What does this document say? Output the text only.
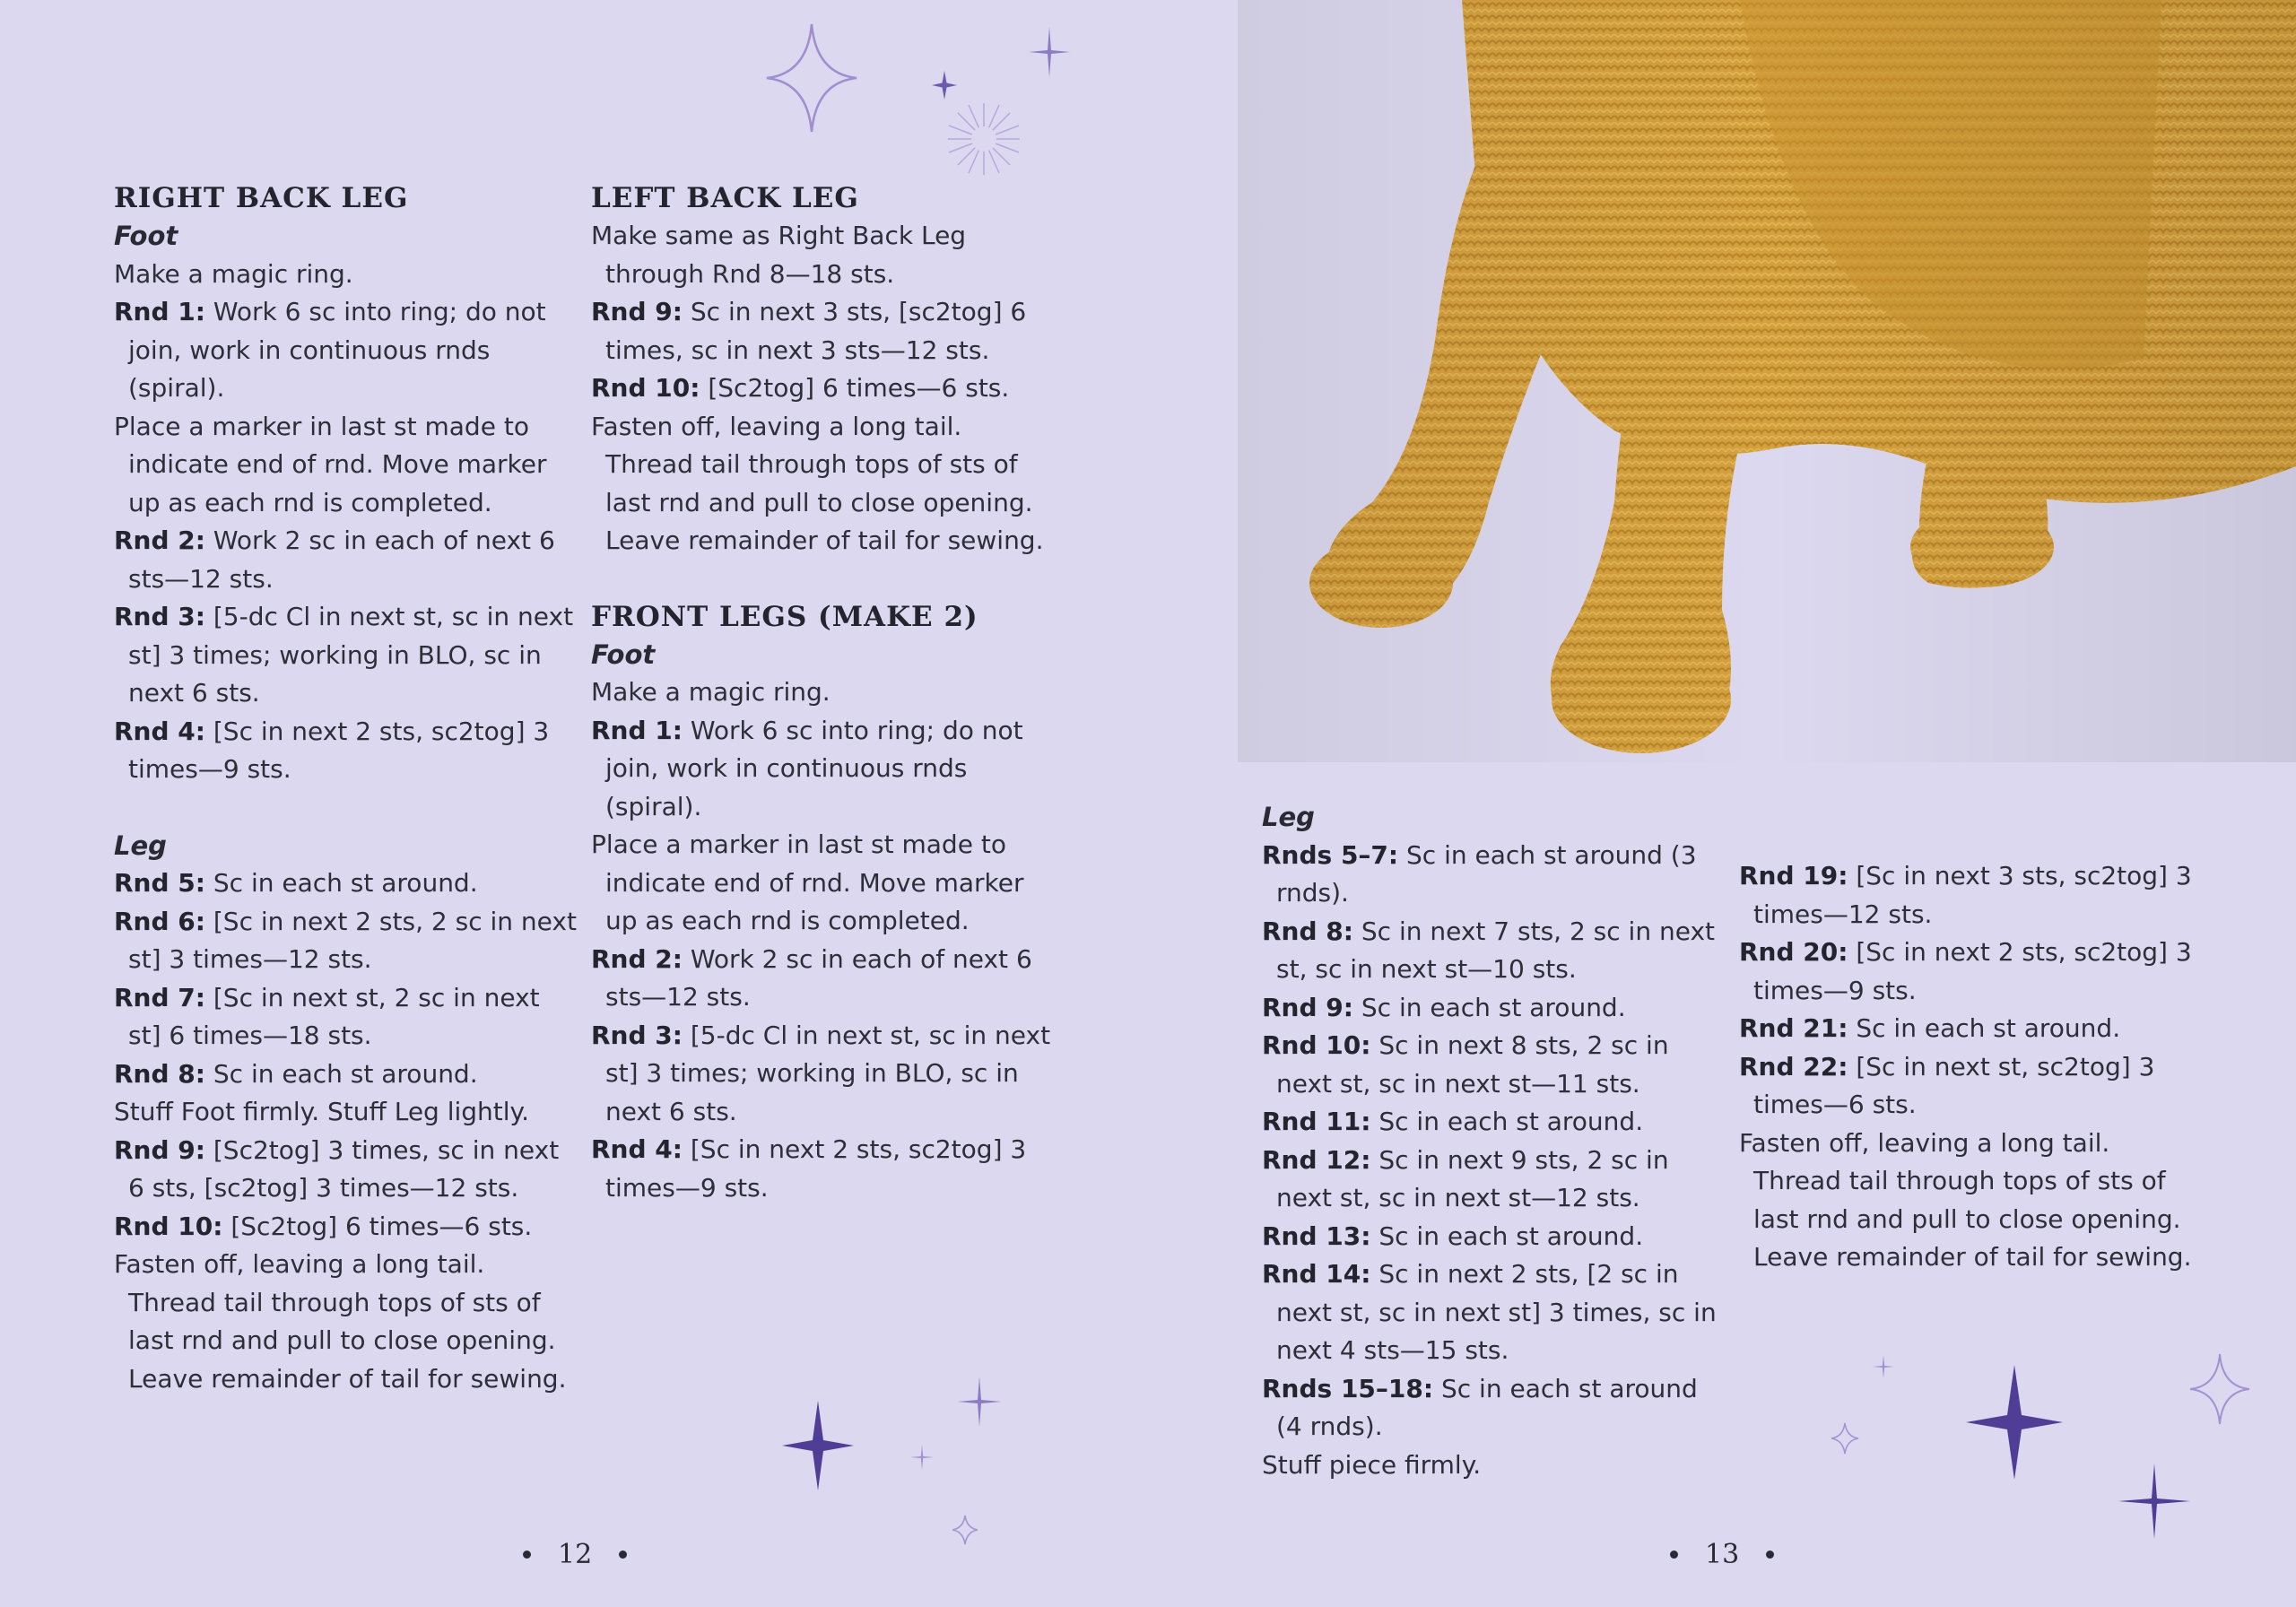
RIGHT BACK LEG

Foot

Make a magic ring.

Rnd 1: Work 6 sc into ring; do not join, work in continuous rnds (spiral).

Place a marker in last st made to indicate end of rnd. Move marker up as each rnd is completed.

Rnd 2: Work 2 sc in each of next 6 sts—12 sts.

Rnd 3: [5-dc Cl in next st, sc in next st] 3 times; working in BLO, sc in next 6 sts.

Rnd 4: [Sc in next 2 sts, sc2tog] 3 times—9 sts.

Leg

Rnd 5: Sc in each st around.

Rnd 6: [Sc in next 2 sts, 2 sc in next st] 3 times—12 sts.

Rnd 7: [Sc in next st, 2 sc in next st] 6 times—18 sts.

Rnd 8: Sc in each st around.

Stuff Foot firmly. Stuff Leg lightly.

Rnd 9: [Sc2tog] 3 times, sc in next 6 sts, [sc2tog] 3 times—12 sts.

Rnd 10: [Sc2tog] 6 times—6 sts.

Fasten off, leaving a long tail. Thread tail through tops of sts of last rnd and pull to close opening. Leave remainder of tail for sewing.

LEFT BACK LEG

Make same as Right Back Leg through Rnd 8—18 sts.

Rnd 9: Sc in next 3 sts, [sc2tog] 6 times, sc in next 3 sts—12 sts.

Rnd 10: [Sc2tog] 6 times—6 sts.

Fasten off, leaving a long tail. Thread tail through tops of sts of last rnd and pull to close opening. Leave remainder of tail for sewing.

FRONT LEGS (MAKE 2)

Foot

Make a magic ring.

Rnd 1: Work 6 sc into ring; do not join, work in continuous rnds (spiral).

Place a marker in last st made to indicate end of rnd. Move marker up as each rnd is completed.

Rnd 2: Work 2 sc in each of next 6 sts—12 sts.

Rnd 3: [5-dc Cl in next st, sc in next st] 3 times; working in BLO, sc in next 6 sts.

Rnd 4: [Sc in next 2 sts, sc2tog] 3 times—9 sts.

12

Leg

Rnds 5–7: Sc in each st around (3 rnds).

Rnd 8: Sc in next 7 sts, 2 sc in next st, sc in next st—10 sts.

Rnd 9: Sc in each st around.

Rnd 10: Sc in next 8 sts, 2 sc in next st, sc in next st—11 sts.

Rnd 11: Sc in each st around.

Rnd 12: Sc in next 9 sts, 2 sc in next st, sc in next st—12 sts.

Rnd 13: Sc in each st around.

Rnd 14: Sc in next 2 sts, [2 sc in next st, sc in next st] 3 times, sc in next 4 sts—15 sts.

Rnds 15–18: Sc in each st around (4 rnds).

Stuff piece firmly.

Rnd 19: [Sc in next 3 sts, sc2tog] 3 times—12 sts.

Rnd 20: [Sc in next 2 sts, sc2tog] 3 times—9 sts.

Rnd 21: Sc in each st around.

Rnd 22: [Sc in next st, sc2tog] 3 times—6 sts.

Fasten off, leaving a long tail. Thread tail through tops of sts of last rnd and pull to close opening. Leave remainder of tail for sewing.

13
